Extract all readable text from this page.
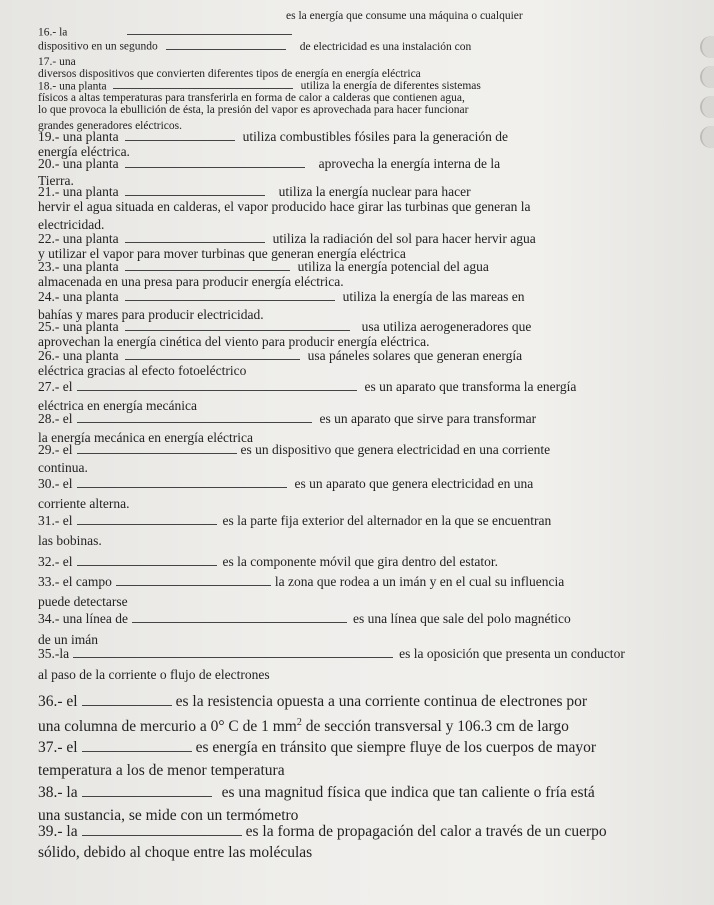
es la energía que consume una máquina o cualquier
16.- la
dispositivo en un segundo	de electricidad es una instalación con
17.- una
diversos dispositivos que convierten diferentes tipos de energía en energía eléctrica
18.- una planta	utiliza la energía de diferentes sistemas
físicos a altas temperaturas para transferirla en forma de calor a calderas que contienen agua,
lo que provoca la ebullición de ésta, la presión del vapor es aprovechada para hacer funcionar
grandes generadores eléctricos.
19.- una planta	utiliza combustibles fósiles para la generación de
energía eléctrica.
20.- una planta	aprovecha la energía interna de la
Tierra.
21.- una planta	utiliza la energía nuclear para hacer
hervir el agua situada en calderas, el vapor producido hace girar las turbinas que generan la
electricidad.
22.- una planta	utiliza la radiación del sol para hacer hervir agua
y utilizar el vapor para mover turbinas que generan energía eléctrica
23.- una planta	utiliza la energía potencial del agua
almacenada en una presa para producir energía eléctrica.
24.- una planta	utiliza la energía de las mareas en
bahías y mares para producir electricidad.
25.- una planta	usa utiliza aerogeneradores que
aprovechan la energía cinética del viento para producir energía eléctrica.
26.- una planta	usa páneles solares que generan energía
eléctrica gracias al efecto fotoeléctrico
27.- el	es un aparato que transforma la energía
eléctrica en energía mecánica
28.- el	es un aparato que sirve para transformar
la energía mecánica en energía eléctrica
29.- el	es un dispositivo que genera electricidad en una corriente
continua.
30.- el	es un aparato que genera electricidad en una
corriente alterna.
31.- el	es la parte fija exterior del alternador en la que se encuentran
las bobinas.
32.- el	es la componente móvil que gira dentro del estator.
33.- el campo	la zona que rodea a un imán y en el cual su influencia
puede detectarse
34.- una línea de	es una línea que sale del polo magnético
de un imán
35.-la	es la oposición que presenta un conductor
al paso de la corriente o flujo de electrones
36.- el	es la resistencia opuesta a una corriente continua de electrones por
una columna de mercurio a 0° C de 1 $mm^2$ de sección transversal y 106.3 cm de largo
37.- el	es energía en tránsito que siempre fluye de los cuerpos de mayor
temperatura a los de menor temperatura
38.- la	es una magnitud física que indica que tan caliente o fría está
una sustancia, se mide con un termómetro
39.- la	es la forma de propagación del calor a través de un cuerpo
sólido, debido al choque entre las moléculas
